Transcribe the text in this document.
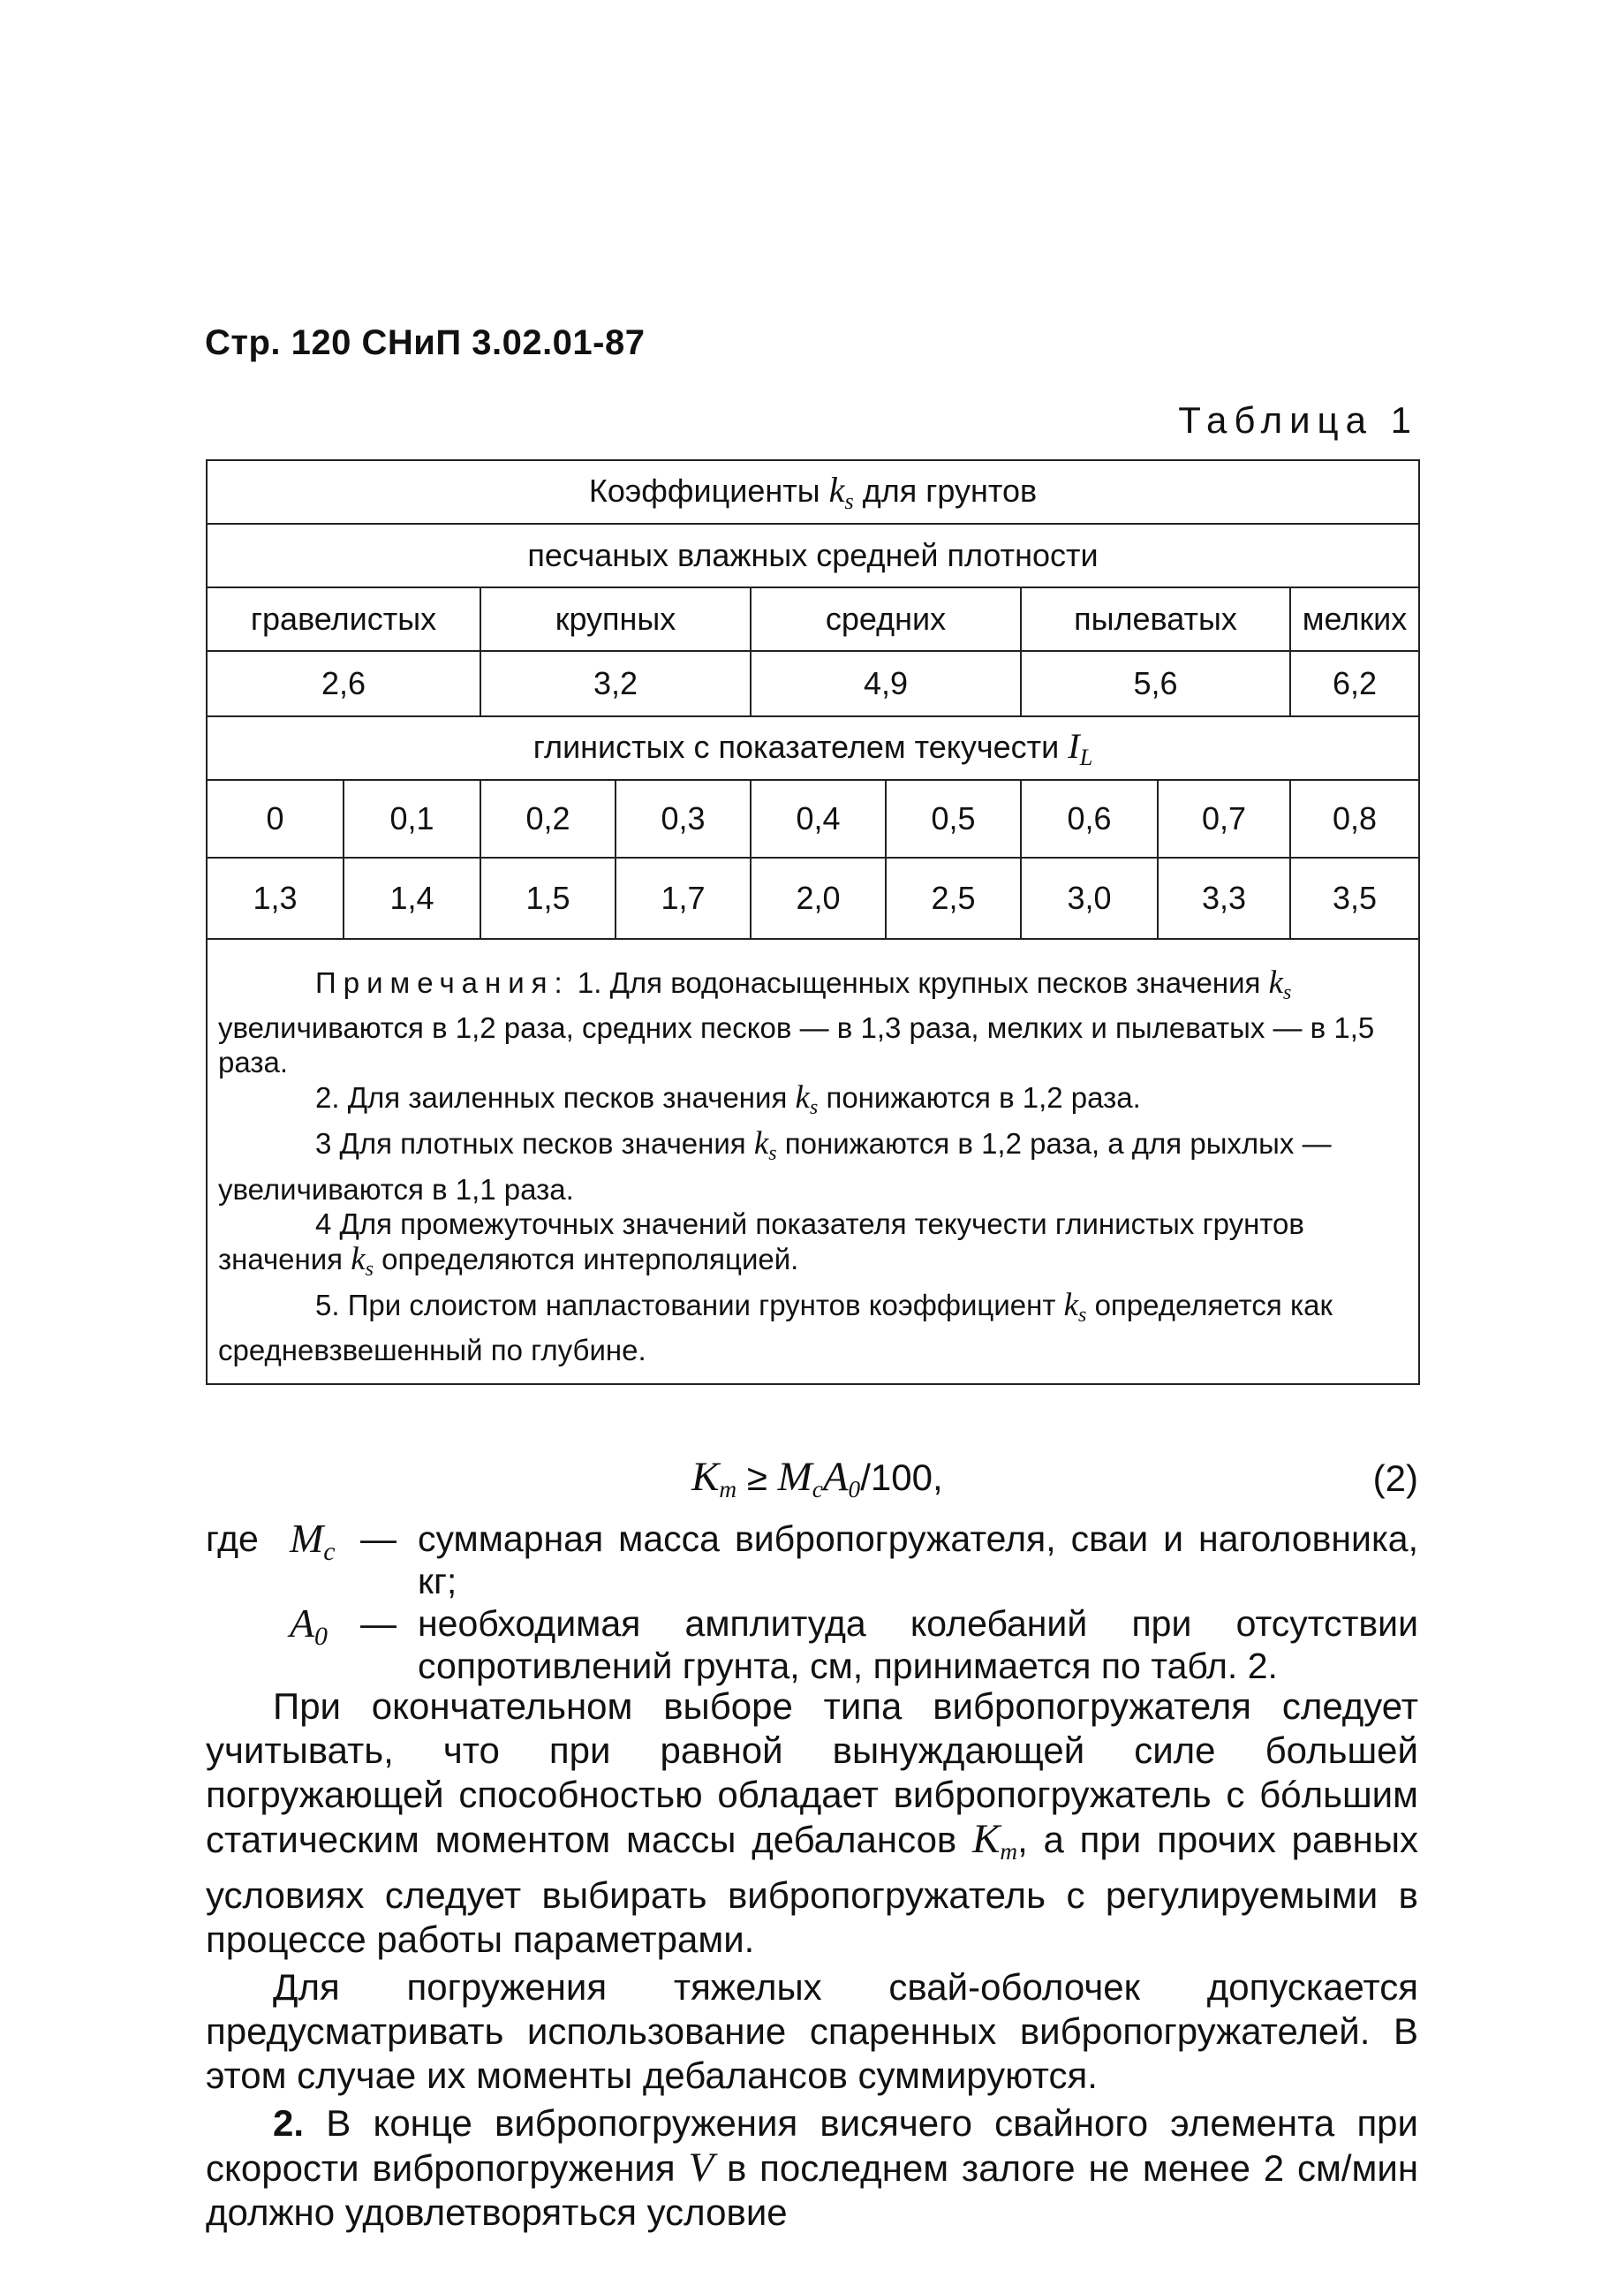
Стр. 120 СНиП 3.02.01-87
Таблица 1
Коэффициенты $k_s$ для грунтов								
песчаных влажных средней плотности								
гравелистых		крупных		средних		пылеватых		мелких
2,6		3,2		4,9		5,6		6,2
глинистых с показателем текучести $I_L$
0	0,1	0,2	0,3	0,4	0,5	0,6	0,7	0,8
1,3	1,4	1,5	1,7	2,0	2,5	3,0	3,3	3,5

Примечания: 1. Для водонасыщенных крупных песков значения $k_s$ увеличиваются в 1,2 раза, средних песков — в 1,3 раза, мелких и пылеватых — в 1,5 раза.

2. Для заиленных песков значения $k_s$ понижаются в 1,2 раза.

3 Для плотных песков значения $k_s$ понижаются в 1,2 раза, а для рыхлых — увеличиваются в 1,1 раза.

4 Для промежуточных значений показателя текучести глинистых грунтов значения $k_s$ определяются интерполяцией.

5. При слоистом напластовании грунтов коэффициент $k_s$ определяется как средневзвешенный по глубине.								

$K_m \ge M_cA_0/100$,	(2)
где $M_c$ — суммарная масса вибропогружателя, сваи и наголовника, кг;
$A_0$ — необходимая амплитуда колебаний при отсутствии сопротивлений грунта, см, принимается по табл. 2.

При окончательном выборе типа вибропогружателя следует учитывать, что при равной вынуждающей силе большей погружающей способностью обладает вибропогружатель с бóльшим статическим моментом массы дебалансов $K_m$, а при прочих равных условиях следует выбирать вибропогружатель с регулируемыми в процессе работы параметрами.

Для погружения тяжелых свай-оболочек допускается предусматривать использование спаренных вибропогружателей. В этом случае их моменты дебалансов суммируются.

2. В конце вибропогружения висячего свайного элемента при скорости вибропогружения V в последнем залоге не менее 2 см/мин должно удовлетворяться условие
